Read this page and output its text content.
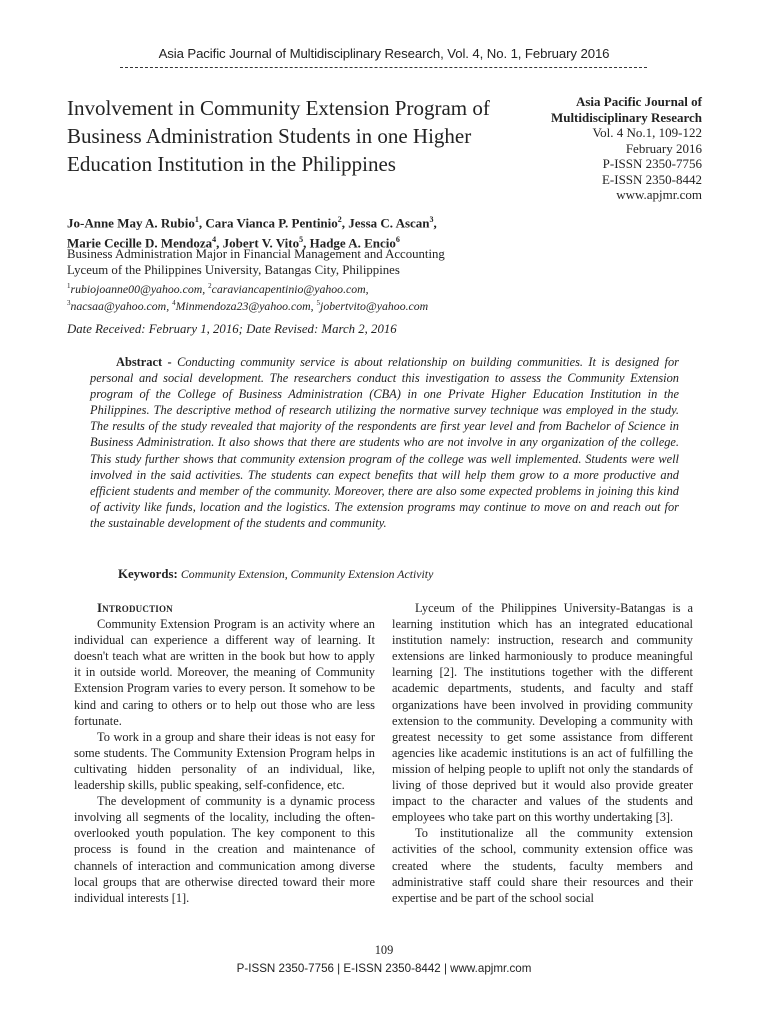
Asia Pacific Journal of Multidisciplinary Research, Vol. 4, No. 1, February 2016
Involvement in Community Extension Program of Business Administration Students in one Higher Education Institution in the Philippines
Asia Pacific Journal of
Multidisciplinary Research
Vol. 4 No.1, 109-122
February 2016
P-ISSN 2350-7756
E-ISSN 2350-8442
www.apjmr.com
Jo-Anne May A. Rubio$^1$, Cara Vianca P. Pentinio$^2$, Jessa C. Ascan$^3$,
Marie Cecille D. Mendoza$^4$, Jobert V. Vito$^5$, Hadge A. Encio$^6$
Business Administration Major in Financial Management and Accounting
Lyceum of the Philippines University, Batangas City, Philippines
$^1$rubiojoanne00@yahoo.com, $^2$caraviancapentinio@yahoo.com,
$^3$nacsaa@yahoo.com, $^4$Minmendoza23@yahoo.com, $^5$jobertvito@yahoo.com
Date Received: February 1, 2016; Date Revised: March 2, 2016
Abstract - Conducting community service is about relationship on building communities. It is designed for personal and social development. The researchers conduct this investigation to assess the Community Extension program of the College of Business Administration (CBA) in one Private Higher Education Institution in the Philippines. The descriptive method of research utilizing the normative survey technique was employed in the study. The results of the study revealed that majority of the respondents are first year level and from Bachelor of Science in Business Administration. It also shows that there are students who are not involve in any organization of the college. This study further shows that community extension program of the college was well implemented. Students were well involved in the said activities. The students can expect benefits that will help them grow to a more productive and efficient students and member of the community. Moreover, there are also some expected problems in joining this kind of activity like funds, location and the logistics. The extension programs may continue to move on and reach out for the sustainable development of the students and community.
Keywords: Community Extension, Community Extension Activity

Introduction

Community Extension Program is an activity where an individual can experience a different way of learning. It doesn't teach what are written in the book but how to apply it in outside world. Moreover, the meaning of Community Extension Program varies to every person. It somehow to be kind and caring to others or to help out those who are less fortunate.

To work in a group and share their ideas is not easy for some students. The Community Extension Program helps in cultivating hidden personality of an individual, like, leadership skills, public speaking, self-confidence, etc.

The development of community is a dynamic process involving all segments of the locality, including the often-overlooked youth population. The key component to this process is found in the creation and maintenance of channels of interaction and communication among diverse local groups that are otherwise directed toward their more individual interests [1].

Lyceum of the Philippines University-Batangas is a learning institution which has an integrated educational institution namely: instruction, research and community extensions are linked harmoniously to produce meaningful learning [2]. The institutions together with the different academic departments, students, and faculty and staff organizations have been involved in providing community extension to the community. Developing a community with greatest necessity to get some assistance from different agencies like academic institutions is an act of fulfilling the mission of helping people to uplift not only the standards of living of those deprived but it would also provide greater impact to the character and values of the students and employees who take part on this worthy undertaking [3].

To institutionalize all the community extension activities of the school, community extension office was created where the students, faculty members and administrative staff could share their resources and their expertise and be part of the school social

109
P-ISSN 2350-7756 | E-ISSN 2350-8442 | www.apjmr.com
